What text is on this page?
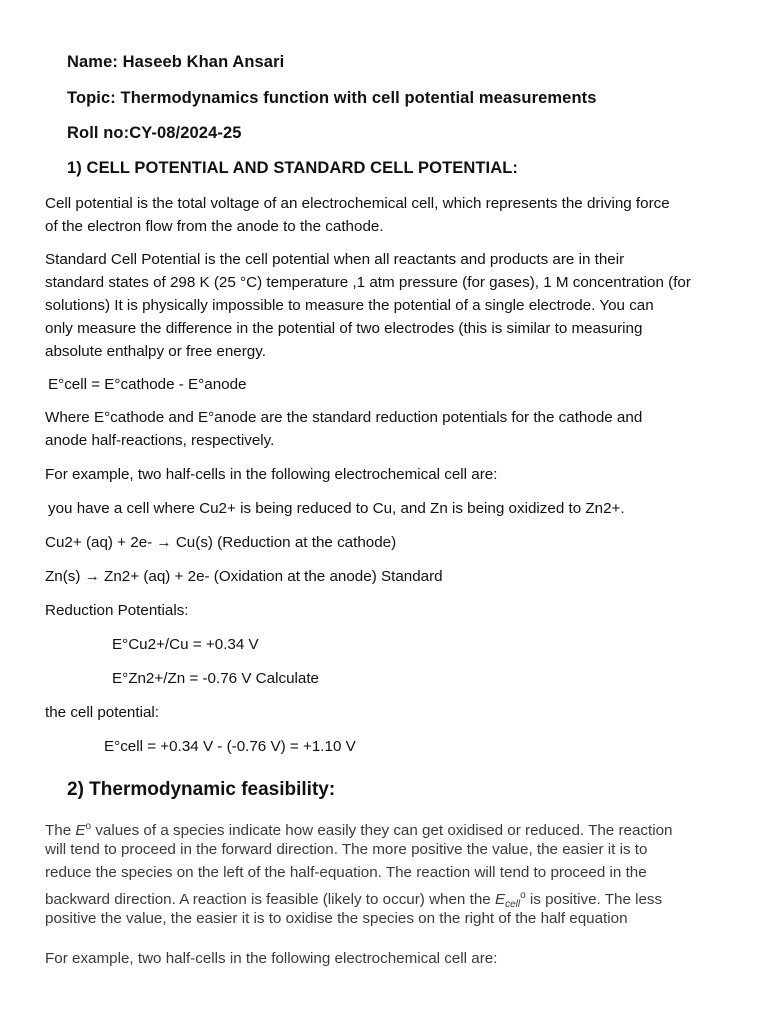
Name: Haseeb Khan Ansari
Topic: Thermodynamics function with cell potential measurements
Roll no:CY-08/2024-25
1) CELL POTENTIAL AND STANDARD CELL POTENTIAL:
Cell potential is the total voltage of an electrochemical cell, which represents the driving force
of the electron flow from the anode to the cathode.
Standard Cell Potential is the cell potential when all reactants and products are in their
standard states of 298 K (25 °C) temperature ,1 atm pressure (for gases), 1 M concentration (for
solutions) It is physically impossible to measure the potential of a single electrode. You can
only measure the difference in the potential of two electrodes (this is similar to measuring
absolute enthalpy or free energy.
E°cell = E°cathode - E°anode
Where E°cathode and E°anode are the standard reduction potentials for the cathode and
anode half-reactions, respectively.
For example, two half-cells in the following electrochemical cell are:
you have a cell where Cu2+ is being reduced to Cu, and Zn is being oxidized to Zn2+.
Cu2+ (aq) + 2e- → Cu(s) (Reduction at the cathode)
Zn(s) → Zn2+ (aq) + 2e- (Oxidation at the anode) Standard
Reduction Potentials:
E°Cu2+/Cu = +0.34 V
E°Zn2+/Zn = -0.76 V Calculate
the cell potential:
E°cell = +0.34 V - (-0.76 V) = +1.10 V
2) Thermodynamic feasibility:
The $E^o$ values of a species indicate how easily they can get oxidised or reduced. The reaction
will tend to proceed in the forward direction. The more positive the value, the easier it is to
reduce the species on the left of the half-equation. The reaction will tend to proceed in the
backward direction. A reaction is feasible (likely to occur) when the $E_{cell}^o$ is positive. The less
positive the value, the easier it is to oxidise the species on the right of the half equation
For example, two half-cells in the following electrochemical cell are:
